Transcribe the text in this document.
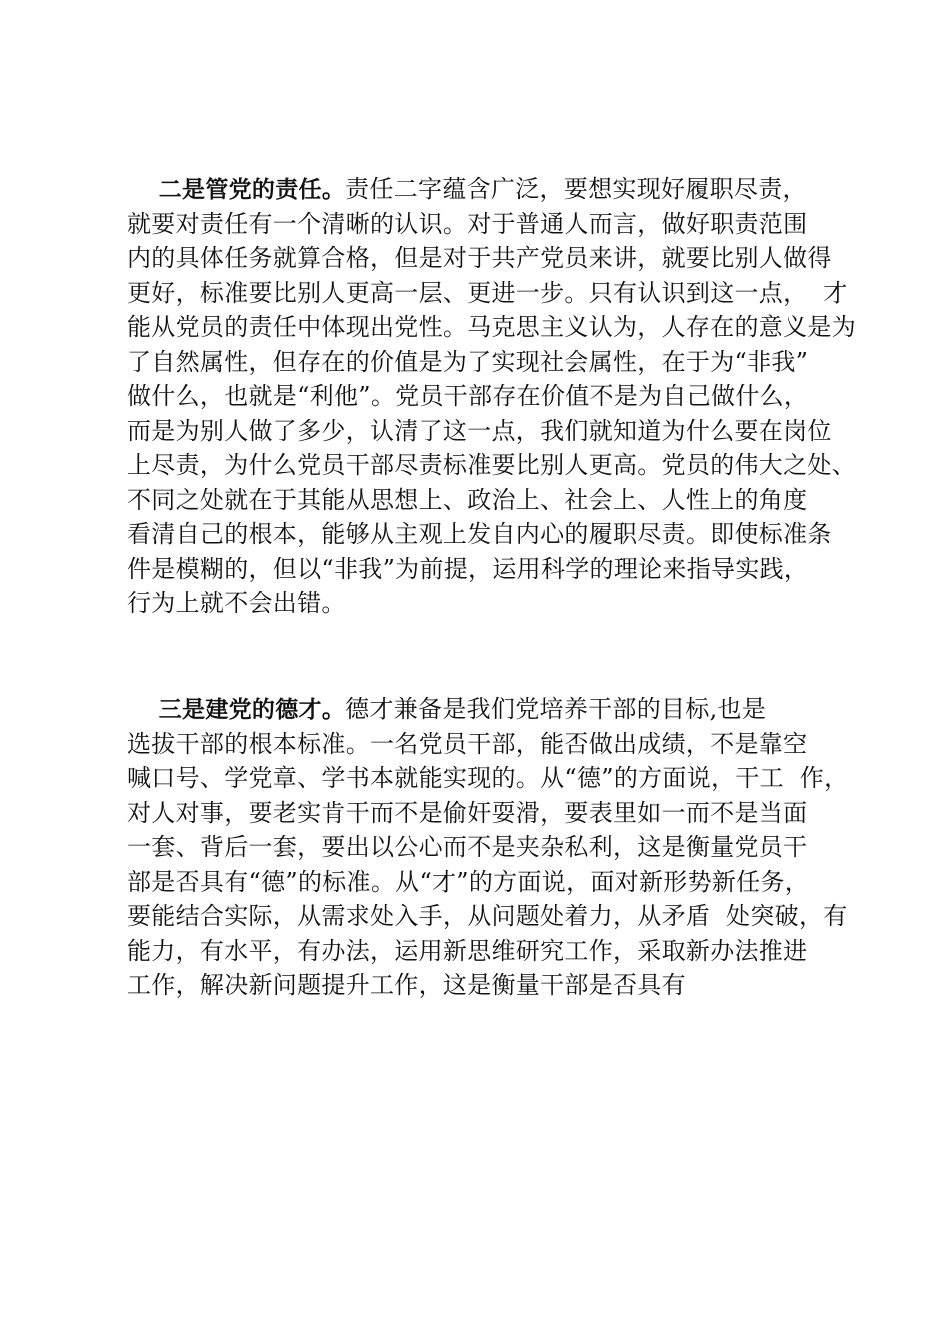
二是管党的责任。责任二字蕴含广泛，要想实现好履职尽责，
就要对责任有一个清晰的认识。对于普通人而言，做好职责范围
内的具体任务就算合格，但是对于共产党员来讲，就要比别人做得
更好，标准要比别人更高一层、更进一步。只有认识到这一点，  才
能从党员的责任中体现出党性。马克思主义认为，人存在的意义是为
了自然属性，但存在的价值是为了实现社会属性，在于为“非我”
做什么，也就是“利他”。党员干部存在价值不是为自己做什么，
而是为别人做了多少，认清了这一点，我们就知道为什么要在岗位
上尽责，为什么党员干部尽责标准要比别人更高。党员的伟大之处、
不同之处就在于其能从思想上、政治上、社会上、人性上的角度
看清自己的根本，能够从主观上发自内心的履职尽责。即使标准条
件是模糊的，但以“非我”为前提，运用科学的理论来指导实践，
行为上就不会出错。
三是建党的德才。德才兼备是我们党培养干部的目标,也是
选拔干部的根本标准。一名党员干部，能否做出成绩，不是靠空
喊口号、学党章、学书本就能实现的。从“德”的方面说，干工  作，
对人对事，要老实肯干而不是偷奸耍滑，要表里如一而不是当面
一套、背后一套，要出以公心而不是夹杂私利，这是衡量党员干
部是否具有“德”的标准。从“才”的方面说，面对新形势新任务，
要能结合实际，从需求处入手，从问题处着力，从矛盾  处突破，有
能力，有水平，有办法，运用新思维研究工作，采取新办法推进
工作，解决新问题提升工作，这是衡量干部是否具有
